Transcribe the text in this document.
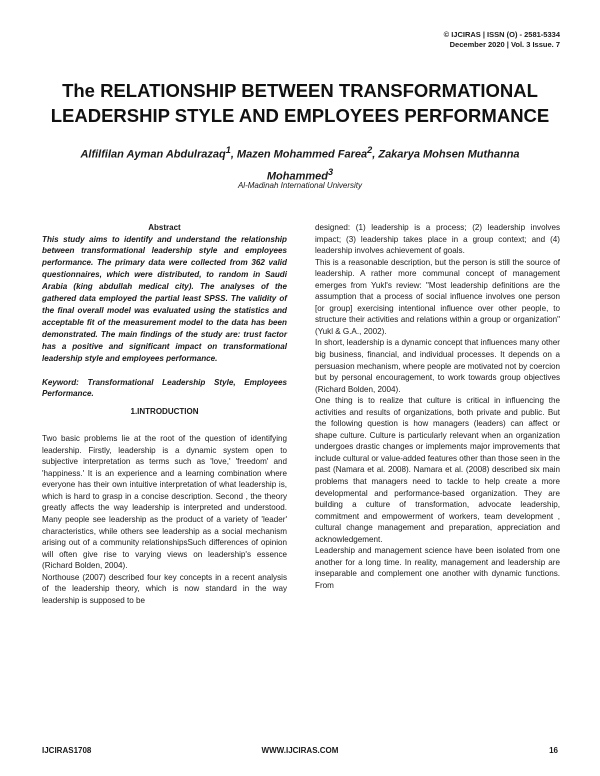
© IJCIRAS | ISSN (O) - 2581-5334
December 2020 | Vol. 3 Issue. 7
The RELATIONSHIP BETWEEN TRANSFORMATIONAL
LEADERSHIP STYLE AND EMPLOYEES PERFORMANCE
Alfilfilan Ayman Abdulrazaq$^1$, Mazen Mohammed Farea$^2$, Zakarya Mohsen Muthanna
Mohammed$^3$
Al-Madinah International University

Abstract

This study aims to identify and understand the relationship between transformational leadership style and employees performance. The primary data were collected from 362 valid questionnaires, which were distributed, to random in Saudi Arabia (king abdullah medical city). The analyses of the gathered data employed the partial least SPSS. The validity of the final overall model was evaluated using the statistics and acceptable fit of the measurement model to the data has been demonstrated. The main findings of the study are: trust factor has a positive and significant impact on transformational leadership style and employees performance.

Keyword: Transformational Leadership Style, Employees Performance.

1.INTRODUCTION

Two basic problems lie at the root of the question of identifying leadership. Firstly, leadership is a dynamic system open to subjective interpretation as terms such as 'love,' 'freedom' and 'happiness.' It is an experience and a learning combination where everyone has their own intuitive interpretation of what leadership is, which is hard to grasp in a concise description. Second , the theory greatly affects the way leadership is interpreted and understood. Many people see leadership as the product of a variety of 'leader' characteristics, while others see leadership as a social mechanism arising out of a community relationshipsSuch differences of opinion will often give rise to varying views on leadership's essence (Richard Bolden, 2004).

Northouse (2007) described four key concepts in a recent analysis of the leadership theory, which is now standard in the way leadership is supposed to be

designed: (1) leadership is a process; (2) leadership involves impact; (3) leadership takes place in a group context; and (4) leadership involves achievement of goals.

This is a reasonable description, but the person is still the source of leadership. A rather more communal concept of management emerges from Yukl's review: "Most leadership definitions are the assumption that a process of social influence involves one person [or group] exercising intentional influence over other people, to structure their activities and relations within a group or organization" (Yukl & G.A., 2002).

In short, leadership is a dynamic concept that influences many other big business, financial, and individual processes. It depends on a persuasion mechanism, where people are motivated not by coercion but by personal encouragement, to work towards group objectives (Richard Bolden, 2004).

One thing is to realize that culture is critical in influencing the activities and results of organizations, both private and public. But the following question is how managers (leaders) can affect or shape culture. Culture is particularly relevant when an organization undergoes drastic changes or implements major improvements that include cultural or value-added features other than those seen in the past (Namara et al. 2008). Namara et al. (2008) described six main problems that managers need to tackle to help create a more developmental and performance-based organization. They are building a culture of transformation, advocate leadership, commitment and empowerment of workers, team development , cultural change management and preparation, appreciation and acknowledgement.

Leadership and management science have been isolated from one another for a long time. In reality, management and leadership are inseparable and complement one another with dynamic functions. From

IJCIRAS1708	WWW.IJCIRAS.COM	16
